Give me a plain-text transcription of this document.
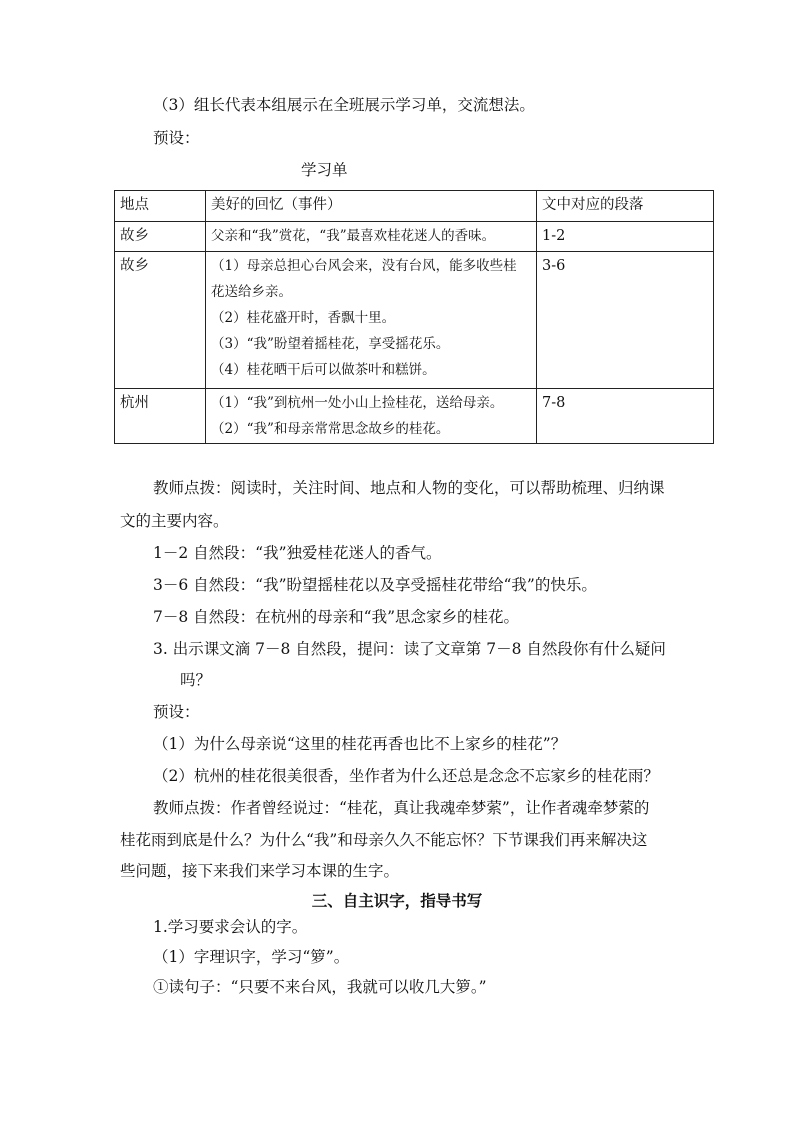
（3）组长代表本组展示在全班展示学习单，交流想法。
预设：
学习单
地点	美好的回忆（事件）	文中对应的段落
故乡	父亲和“我”赏花，“我”最喜欢桂花迷人的香味。	1-2
故乡	（1）母亲总担心台风会来，没有台风，能多收些桂
花送给乡亲。
（2）桂花盛开时，香飘十里。
（3）“我”盼望着摇桂花，享受摇花乐。
（4）桂花晒干后可以做茶叶和糕饼。	3-6
杭州	（1）“我”到杭州一处小山上捡桂花，送给母亲。
（2）“我”和母亲常常思念故乡的桂花。	7-8
教师点拨：阅读时，关注时间、地点和人物的变化，可以帮助梳理、归纳课
文的主要内容。
1－2 自然段：“我”独爱桂花迷人的香气。
3－6 自然段：“我”盼望摇桂花以及享受摇桂花带给“我”的快乐。
7－8 自然段：在杭州的母亲和“我”思念家乡的桂花。
3. 出示课文滴 7－8 自然段，提问：读了文章第 7－8 自然段你有什么疑问
吗？
预设：
（1）为什么母亲说“这里的桂花再香也比不上家乡的桂花”？
（2）杭州的桂花很美很香，坐作者为什么还总是念念不忘家乡的桂花雨？
教师点拨：作者曾经说过：“桂花，真让我魂牵梦萦”，让作者魂牵梦萦的
桂花雨到底是什么？为什么“我”和母亲久久不能忘怀？下节课我们再来解决这
些问题，接下来我们来学习本课的生字。
三、自主识字，指导书写
1.学习要求会认的字。
（1）字理识字，学习“箩”。
①读句子：“只要不来台风，我就可以收几大箩。”
